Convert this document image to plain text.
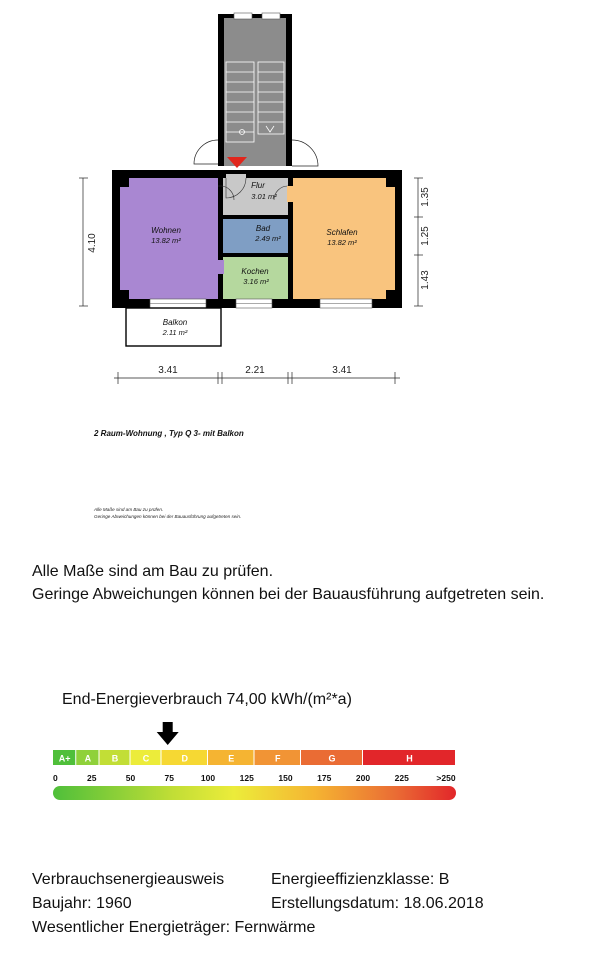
4.10
1.35
1.25
1.43
3.41	2.21	3.41
Flur
3.01 m²
Bad
2.49 m²
Kochen
3.16 m²
Wohnen
13.82 m²
Schlafen
13.82 m²
Balkon
2.11 m²
2 Raum-Wohnung , Typ Q 3- mit Balkon
Alle Maße sind am Bau zu prüfen.
Geringe Abweichungen können bei der Bauausführung aufgetreten sein.
Alle Maße sind am Bau zu prüfen.
Geringe Abweichungen können bei der Bauausführung aufgetreten sein.
End-Energieverbrauch 74,00 kWh/(m²*a)
A+ A B	C	D	E	F	G	H
0	25	50	75	100	125	150	175	200	225	>250
Verbrauchsenergieausweis
Baujahr: 1960
Wesentlicher Energieträger: Fernwärme
Energieeffizienzklasse: B
Erstellungsdatum: 18.06.2018
